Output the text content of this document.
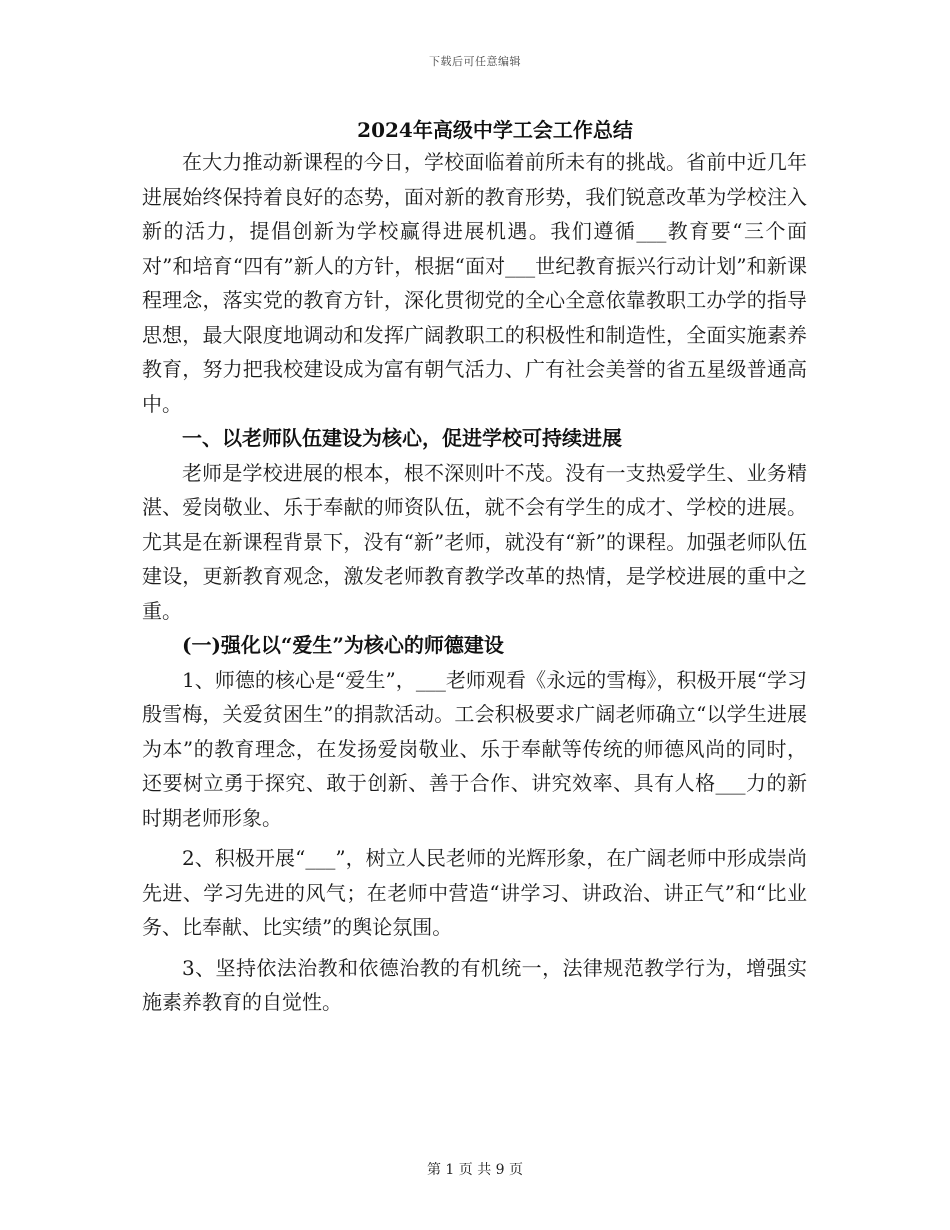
下载后可任意编辑
2024年高级中学工会工作总结

在大力推动新课程的今日，学校面临着前所未有的挑战。省前中近几年进展始终保持着良好的态势，面对新的教育形势，我们锐意改革为学校注入新的活力，提倡创新为学校赢得进展机遇。我们遵循___教育要“三个面对”和培育“四有”新人的方针，根据“面对___世纪教育振兴行动计划”和新课程理念，落实党的教育方针，深化贯彻党的全心全意依靠教职工办学的指导思想，最大限度地调动和发挥广阔教职工的积极性和制造性，全面实施素养教育，努力把我校建设成为富有朝气活力、广有社会美誉的省五星级普通高中。

一、以老师队伍建设为核心，促进学校可持续进展

老师是学校进展的根本，根不深则叶不茂。没有一支热爱学生、业务精湛、爱岗敬业、乐于奉献的师资队伍，就不会有学生的成才、学校的进展。尤其是在新课程背景下，没有“新”老师，就没有“新”的课程。加强老师队伍建设，更新教育观念，激发老师教育教学改革的热情，是学校进展的重中之重。

(一)强化以“爱生”为核心的师德建设

1、师德的核心是“爱生”，___老师观看《永远的雪梅》，积极开展“学习殷雪梅，关爱贫困生”的捐款活动。工会积极要求广阔老师确立“以学生进展为本”的教育理念，在发扬爱岗敬业、乐于奉献等传统的师德风尚的同时，还要树立勇于探究、敢于创新、善于合作、讲究效率、具有人格___力的新时期老师形象。

2、积极开展“___”，树立人民老师的光辉形象，在广阔老师中形成崇尚先进、学习先进的风气；在老师中营造“讲学习、讲政治、讲正气”和“比业务、比奉献、比实绩”的舆论氛围。

3、坚持依法治教和依德治教的有机统一，法律规范教学行为，增强实施素养教育的自觉性。

第 1 页 共 9 页
